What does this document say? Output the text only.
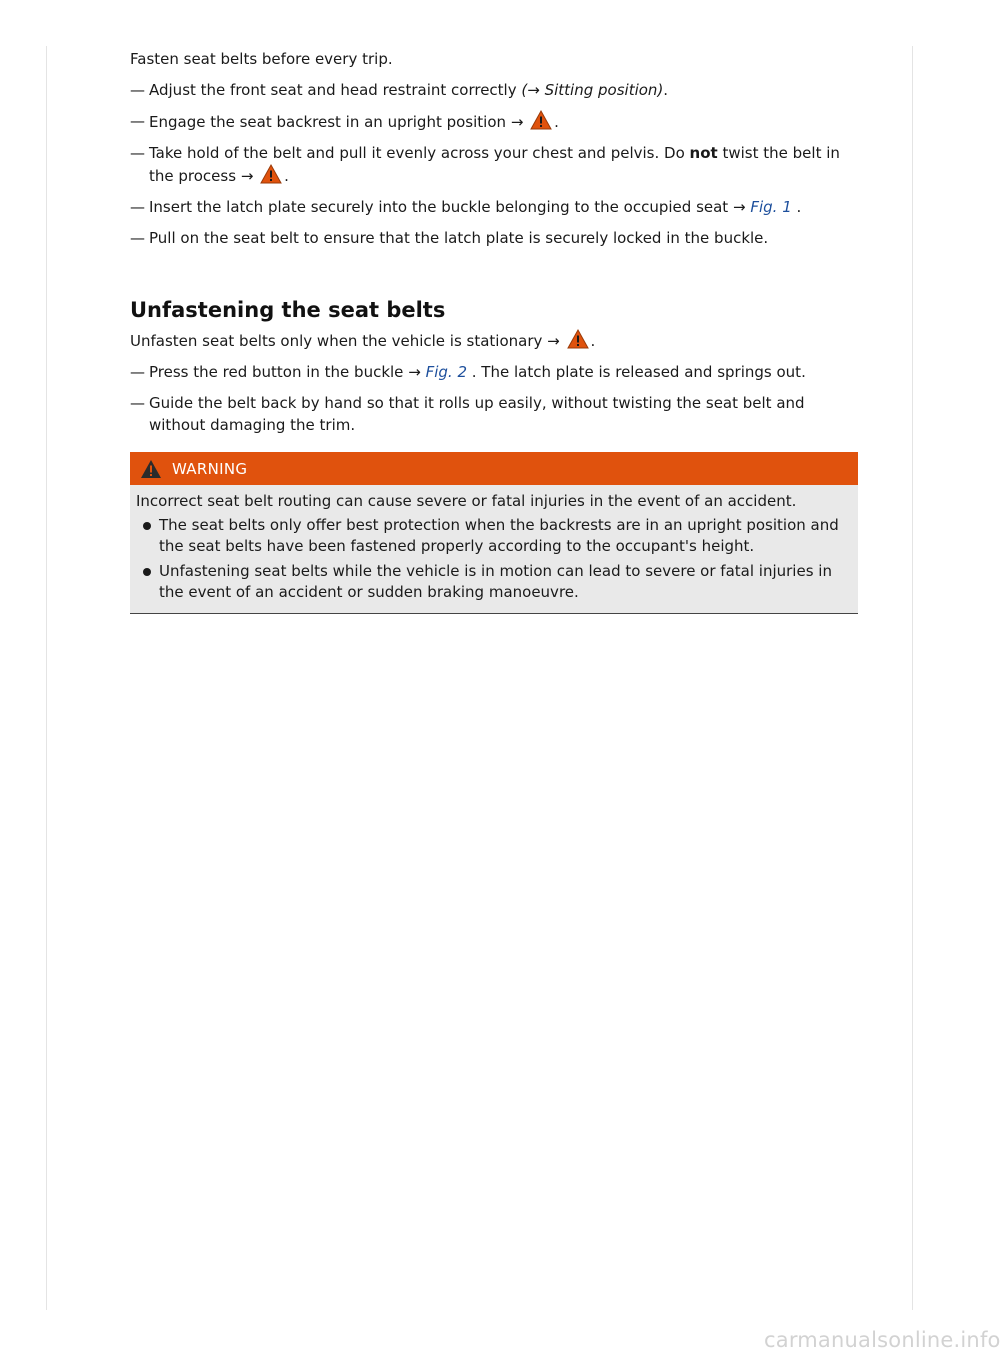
Fasten seat belts before every trip.

— Adjust the front seat and head restraint correctly (→ Sitting position).

— Engage the seat backrest in an upright position → .

— Take hold of the belt and pull it evenly across your chest and pelvis. Do not twist the belt in
the process → .

— Insert the latch plate securely into the buckle belonging to the occupied seat → Fig. 1 .

— Pull on the seat belt to ensure that the latch plate is securely locked in the buckle.

Unfastening the seat belts

Unfasten seat belts only when the vehicle is stationary → .

— Press the red button in the buckle → Fig. 2 . The latch plate is released and springs out.

— Guide the belt back by hand so that it rolls up easily, without twisting the seat belt and
without damaging the trim.

WARNING

Incorrect seat belt routing can cause severe or fatal injuries in the event of an accident.

The seat belts only offer best protection when the backrests are in an upright position and the seat belts have been fastened properly according to the occupant's height.

Unfastening seat belts while the vehicle is in motion can lead to severe or fatal injuries in the event of an accident or sudden braking manoeuvre.

carmanualsonline.info
